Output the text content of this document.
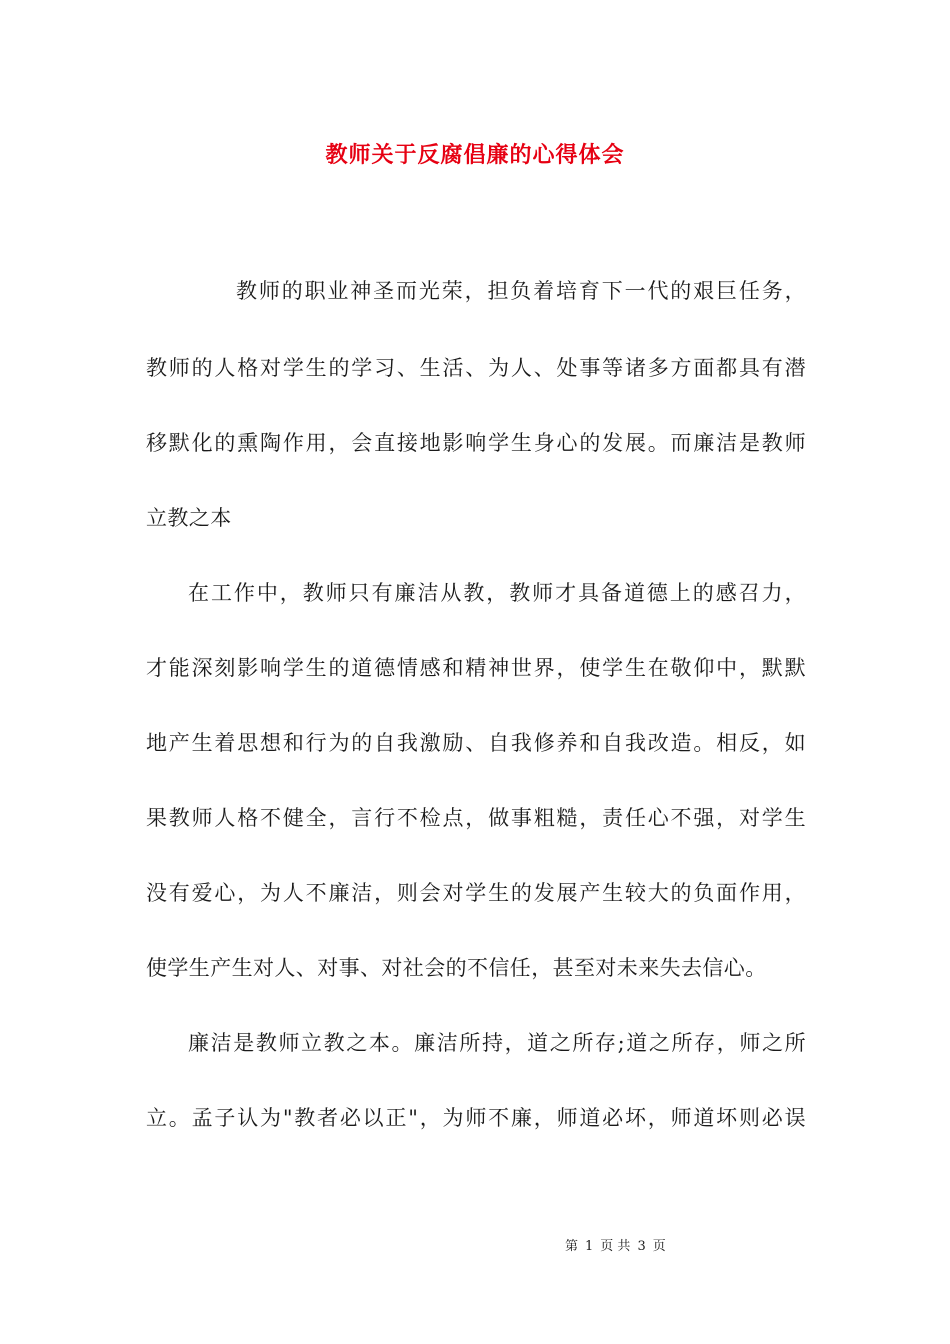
教师关于反腐倡廉的心得体会
教师的职业神圣而光荣，担负着培育下一代的艰巨任务，
教师的人格对学生的学习、生活、为人、处事等诸多方面都具有潜
移默化的熏陶作用，会直接地影响学生身心的发展。而廉洁是教师
立教之本
在工作中，教师只有廉洁从教，教师才具备道德上的感召力，
才能深刻影响学生的道德情感和精神世界，使学生在敬仰中，默默
地产生着思想和行为的自我激励、自我修养和自我改造。相反，如
果教师人格不健全，言行不检点，做事粗糙，责任心不强，对学生
没有爱心，为人不廉洁，则会对学生的发展产生较大的负面作用，
使学生产生对人、对事、对社会的不信任，甚至对未来失去信心。
廉洁是教师立教之本。廉洁所持，道之所存;道之所存，师之所
立。孟子认为"教者必以正"，为师不廉，师道必坏，师道坏则必误
第 1 页 共 3 页
